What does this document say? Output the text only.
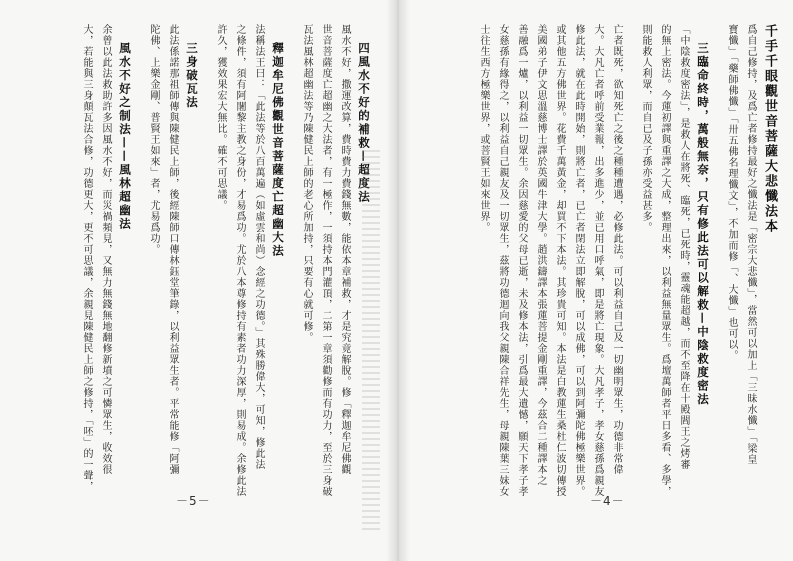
四風水不好的補救—超度法
風水不好，撒運改算，費時費力費錢無數，能依本章補救，才是究竟解脫。修「釋迦牟尼佛觀
世音菩薩度亡超幽之大法者，有一極作，一須持本門灌頂，二第一章須勸修而有功力，至於三身破
瓦法風林超幽法等乃陳健民上師的老心所加持，只要有心就可修。
釋迦牟尼佛觀世音菩薩度亡超幽大法
法稱法王曰：「此法等於八百萬遍（如虛雲和尚）念經之功德。」其殊勝偉大，可知，修此法
之條件，須有阿闍黎主教之身份，才易爲功。尤於八本尊修持有素者功力深厚，則易成。余修此法
許久，獲效果宏大無比。確不可思議。
三身破瓦法
此法係諾那祖師傳與陳健民上師，後經陳師口傳林鈺堂筆錄，以利益眾生者。平常能修「阿彌
陀佛、上樂金剛、普賢王如來」者，尤易爲功。
風水不好之制法——風林超幽法
余曾以此法救助許多因風水不好，而災禍頻見，又無力無錢無地翻修新墳之可憐眾生，收效很
大，若能與三身顛瓦法合修，功德更大，更不可思議，余親見陳健民上師之修持，「呸」的一聲，
－5－
千手千眼觀世音菩薩大悲懺法本
爲自己修持，及爲亡者修持最好之懺法是「密宗大悲懺」，當然可以加上「三昧水懺」「梁皇
寶懺」「藥師佛懺」「卅五佛名理懺文」，不加而修「、大懺」也可以。
三臨命終時，萬般無奈，只有修此法可以解救—中陰救度密法
「中陰救度密法」，是救人在將死、臨死，已死時，靈魂能超越，而不至降在十殿閻王之烤審
的無上密法。今蓮初譯與重譯之大成，整理出來，以利益無量眾生。爲壇萬師者平日多看、多學，
則能救人利眾，而自已及子孫亦受益甚多。
亡者既死，欲知死亡之後之種種遭遇，必修此法。可以利益自己及一切幽明眾生，功德非常偉
大。大凡亡者呼前受業報，出多進少，並已用口呼氣，即是將亡現象。大凡孝子，孝女慈孫爲親友
修此法，就在此時開始，則將亡者，已亡者閉法立即解脫，可以成佛，可以到阿彌陀佛極樂世界。
或其他五方佛世界。花費千萬黃金，却買不下本法。其珍貴可知。本法是白教蓮生桑杜仁波切傳授
美國弟子伊文思溫慈博士譯於英國牛津大學。趙洪鑄譯本張蓮菩提金剛重譯，今茲合二種譯本之
善融爲一爐，以利益一切眾生。余因慈愛的父母已逝，未及修本法，引爲最大遺憾，願天下孝子孝
女慈孫有緣得之，以利益自己親友及一切眾生，茲將功德迴向我父親陳合祥先生，母親陳葉三妹女
士往生西方極樂世界，或菩賢王如來世界。
－4－
